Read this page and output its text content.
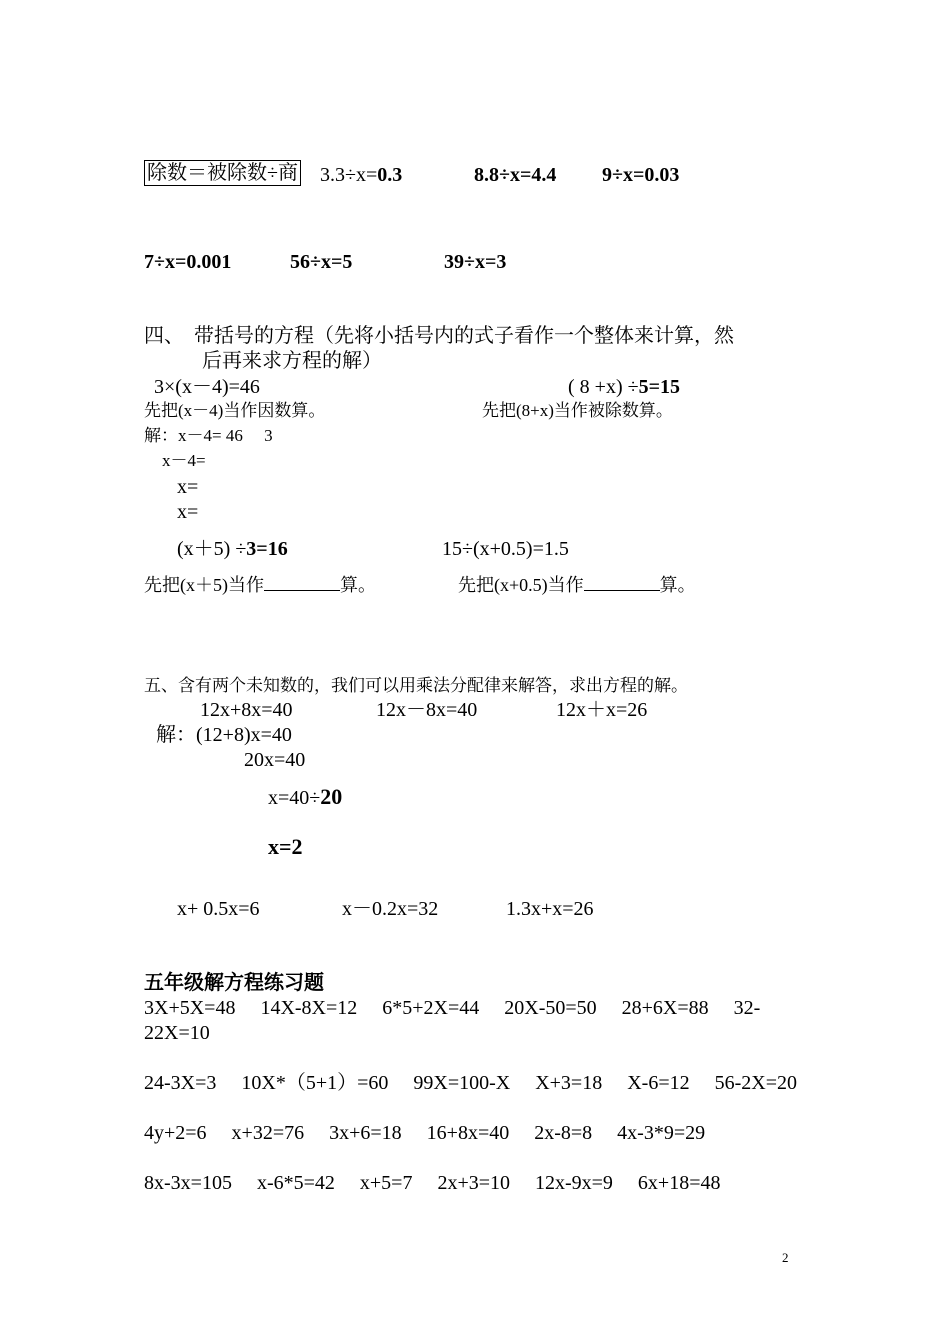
除数＝被除数÷商 3.3÷x=0.3	8.8÷x=4.4 9÷x=0.03
7÷x=0.001	56÷x=5	39÷x=3
四、　带括号的方程（先将小括号内的式子看作一个整体来计算，然
后再来求方程的解）
3×(x－4)=46	( 8 +x) ÷5=15
先把(x－4)当作因数算。	先把(8+x)当作被除数算。
解：x－4= 46  3
x－4=
x=
x=
(x＋5) ÷3=16	15÷(x+0.5)=1.5
先把(x＋5)当作	算。	先把(x+0.5)当作	算。
五、含有两个未知数的，我们可以用乘法分配律来解答，求出方程的解。
12x+8x=40	12x－8x=40	12x＋x=26
解：(12+8)x=40
20x=40
x=40÷20
x=2
x+ 0.5x=6	x－0.2x=32	1.3x+x=26
五年级解方程练习题
3X+5X=48  14X-8X=12  6*5+2X=44  20X-50=50  28+6X=88  32-
22X=10
24-3X=3  10X*（5+1）=60  99X=100-X  X+3=18  X-6=12  56-2X=20
4y+2=6  x+32=76  3x+6=18  16+8x=40  2x-8=8  4x-3*9=29
8x-3x=105  x-6*5=42  x+5=7  2x+3=10  12x-9x=9  6x+18=48
2
